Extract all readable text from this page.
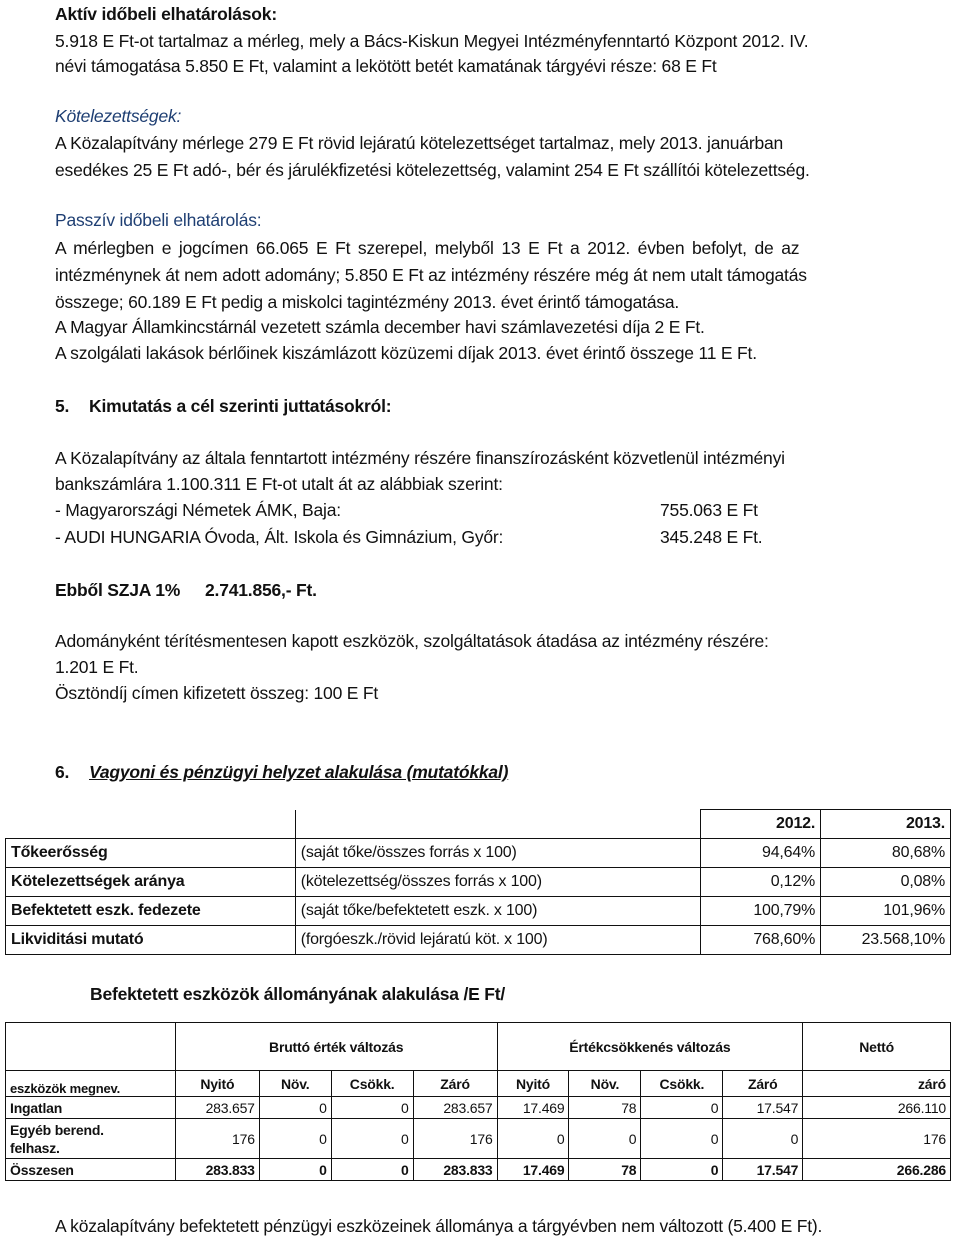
Aktív időbeli elhatárolások:
5.918 E Ft-ot tartalmaz a mérleg, mely a Bács-Kiskun Megyei Intézményfenntartó Központ 2012. IV.
névi támogatása 5.850 E Ft, valamint a lekötött betét kamatának tárgyévi része: 68 E Ft
Kötelezettségek:
A Közalapítvány mérlege 279 E Ft rövid lejáratú kötelezettséget tartalmaz, mely 2013. januárban
esedékes 25 E Ft adó-, bér és járulékfizetési kötelezettség, valamint 254 E Ft szállítói kötelezettség.
Passzív időbeli elhatárolás:
A mérlegben e jogcímen 66.065 E Ft szerepel, melyből 13 E Ft a 2012. évben befolyt, de az
intézménynek át nem adott adomány; 5.850 E Ft az intézmény részére még át nem utalt támogatás
összege; 60.189 E Ft pedig a miskolci tagintézmény 2013. évet érintő támogatása.
A Magyar Államkincstárnál vezetett számla december havi számlavezetési díja 2 E Ft.
A szolgálati lakások bérlőinek kiszámlázott közüzemi díjak 2013. évet érintő összege 11 E Ft.
5. Kimutatás a cél szerinti juttatásokról:
A Közalapítvány az általa fenntartott intézmény részére finanszírozásként közvetlenül intézményi
bankszámlára 1.100.311 E Ft-ot utalt át az alábbiak szerint:
- Magyarországi Németek ÁMK, Baja:	755.063 E Ft
- AUDI HUNGARIA Óvoda, Ált. Iskola és Gimnázium, Győr:	345.248 E Ft.
Ebből SZJA 1% 2.741.856,- Ft.
Adományként térítésmentesen kapott eszközök, szolgáltatások átadása az intézmény részére:
1.201 E Ft.
Ösztöndíj címen kifizetett összeg: 100 E Ft
6. Vagyoni és pénzügyi helyzet alakulása (mutatókkal)
		2012.	2013.
Tőkeerősség	(saját tőke/összes forrás x 100)	94,64%	80,68%
Kötelezettségek aránya	(kötelezettség/összes forrás x 100)	0,12%	0,08%
Befektetett eszk. fedezete	(saját tőke/befektetett eszk. x 100)	100,79%	101,96%
Likviditási mutató	(forgóeszk./rövid lejáratú köt. x 100)	768,60%	23.568,10%
Befektetett eszközök állományának alakulása /E Ft/
	Bruttó érték változás				Értékcsökkenés változás				Nettó
eszközök megnev.	Nyitó	Növ.	Csökk.	Záró	Nyitó	Növ.	Csökk.	Záró	záró
Ingatlan	283.657	0	0	283.657	17.469	78	0	17.547	266.110

Egyéb berend.
felhasz.	176	0	0	176	0	0	0	0	176
Összesen	283.833	0	0	283.833	17.469	78	0	17.547	266.286
A közalapítvány befektetett pénzügyi eszközeinek állománya a tárgyévben nem változott (5.400 E Ft).
